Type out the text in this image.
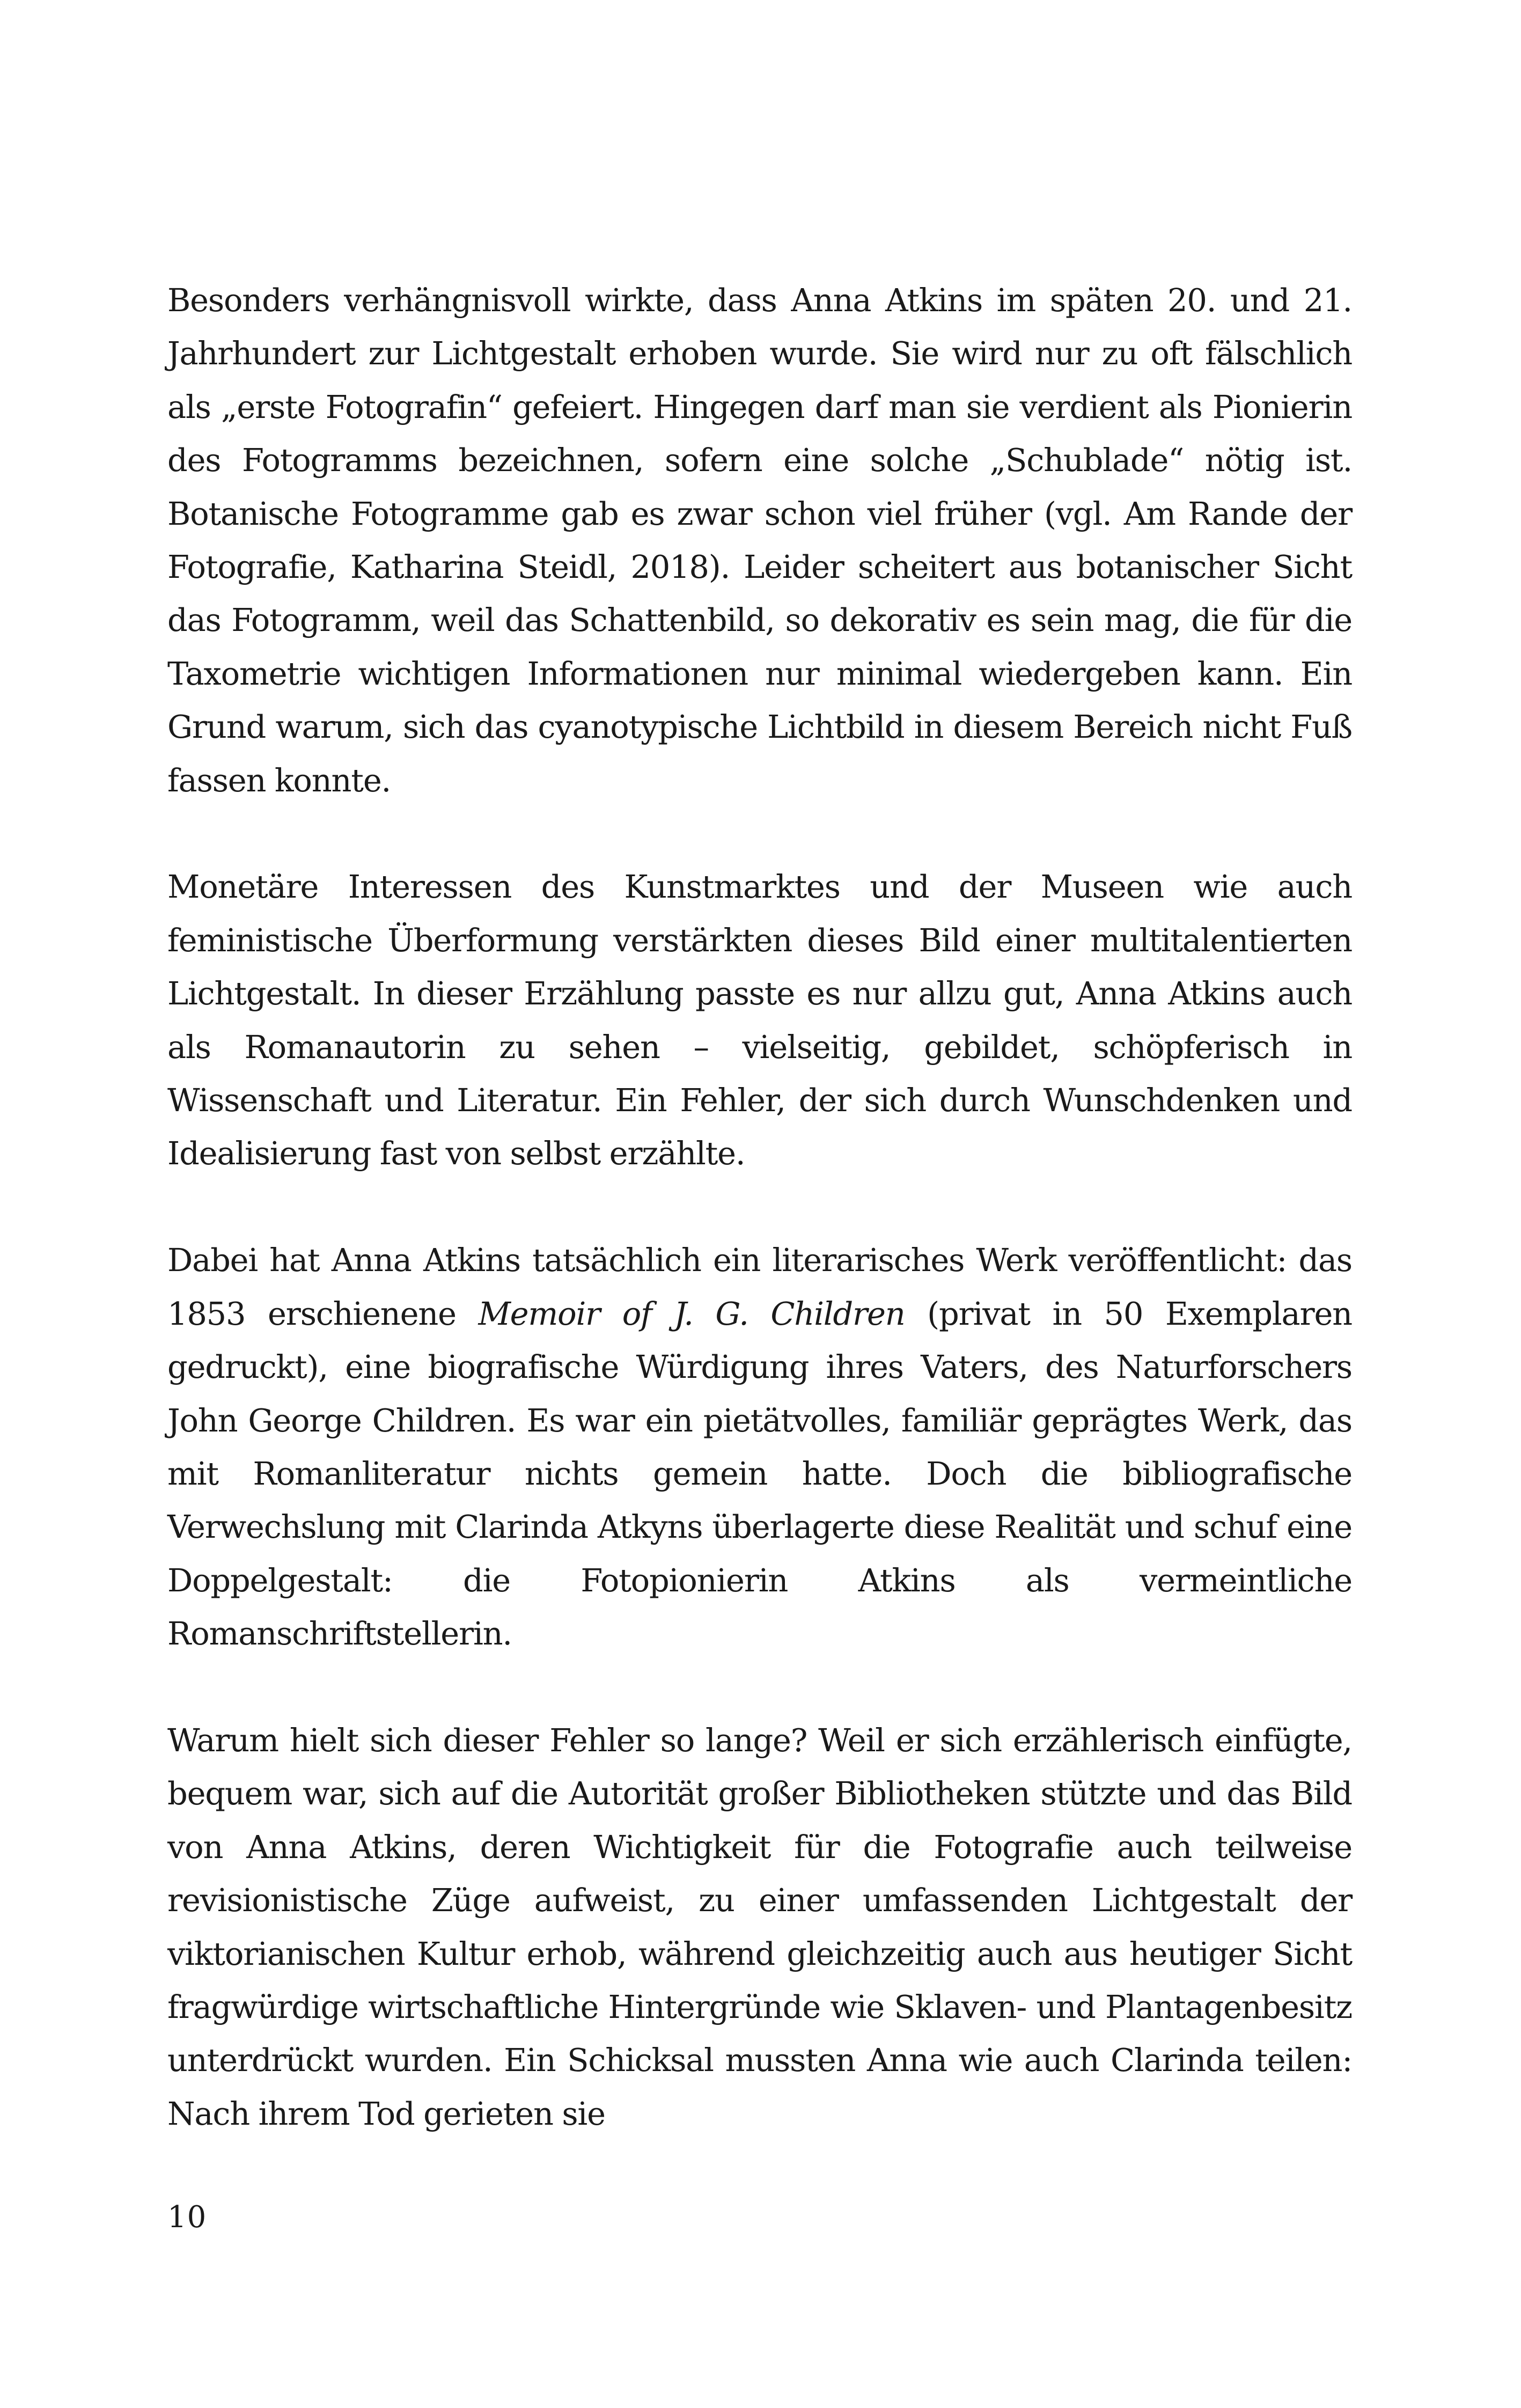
Besonders verhängnisvoll wirkte, dass Anna Atkins im späten 20. und 21. Jahrhundert zur Lichtgestalt erhoben wurde. Sie wird nur zu oft fälschlich als „erste Fotografin“ gefeiert. Hingegen darf man sie verdient als Pionierin des Fotogramms bezeichnen, sofern eine solche „Schublade“ nötig ist. Botanische Fotogramme gab es zwar schon viel früher (vgl. Am Rande der Fotografie, Katharina Steidl, 2018). Leider scheitert aus botanischer Sicht das Fotogramm, weil das Schattenbild, so dekorativ es sein mag, die für die Taxometrie wichtigen Informationen nur minimal wiedergeben kann. Ein Grund warum, sich das cyanotypische Lichtbild in diesem Bereich nicht Fuß fassen konnte.

Monetäre Interessen des Kunstmarktes und der Museen wie auch feministische Überformung verstärkten dieses Bild einer multitalentierten Lichtgestalt. In dieser Erzählung passte es nur allzu gut, Anna Atkins auch als Romanautorin zu sehen – vielseitig, gebildet, schöpferisch in Wissenschaft und Literatur. Ein Fehler, der sich durch Wunschdenken und Idealisierung fast von selbst erzählte.

Dabei hat Anna Atkins tatsächlich ein literarisches Werk veröffentlicht: das 1853 erschienene Memoir of J. G. Children (privat in 50 Exemplaren gedruckt), eine biografische Würdigung ihres Vaters, des Naturforschers John George Children. Es war ein pietätvolles, familiär geprägtes Werk, das mit Romanliteratur nichts gemein hatte. Doch die bibliografische Verwechslung mit Clarinda Atkyns überlagerte diese Realität und schuf eine Doppelgestalt: die Fotopionierin Atkins als vermeintliche Romanschriftstellerin.

Warum hielt sich dieser Fehler so lange? Weil er sich erzählerisch einfügte, bequem war, sich auf die Autorität großer Bibliotheken stützte und das Bild von Anna Atkins, deren Wichtigkeit für die Fotografie auch teilweise revisionistische Züge aufweist, zu einer umfassenden Lichtgestalt der viktorianischen Kultur erhob, während gleichzeitig auch aus heutiger Sicht fragwürdige wirtschaftliche Hintergründe wie Sklaven- und Plantagenbesitz unterdrückt wurden. Ein Schicksal mussten Anna wie auch Clarinda teilen: Nach ihrem Tod gerieten sie

10
